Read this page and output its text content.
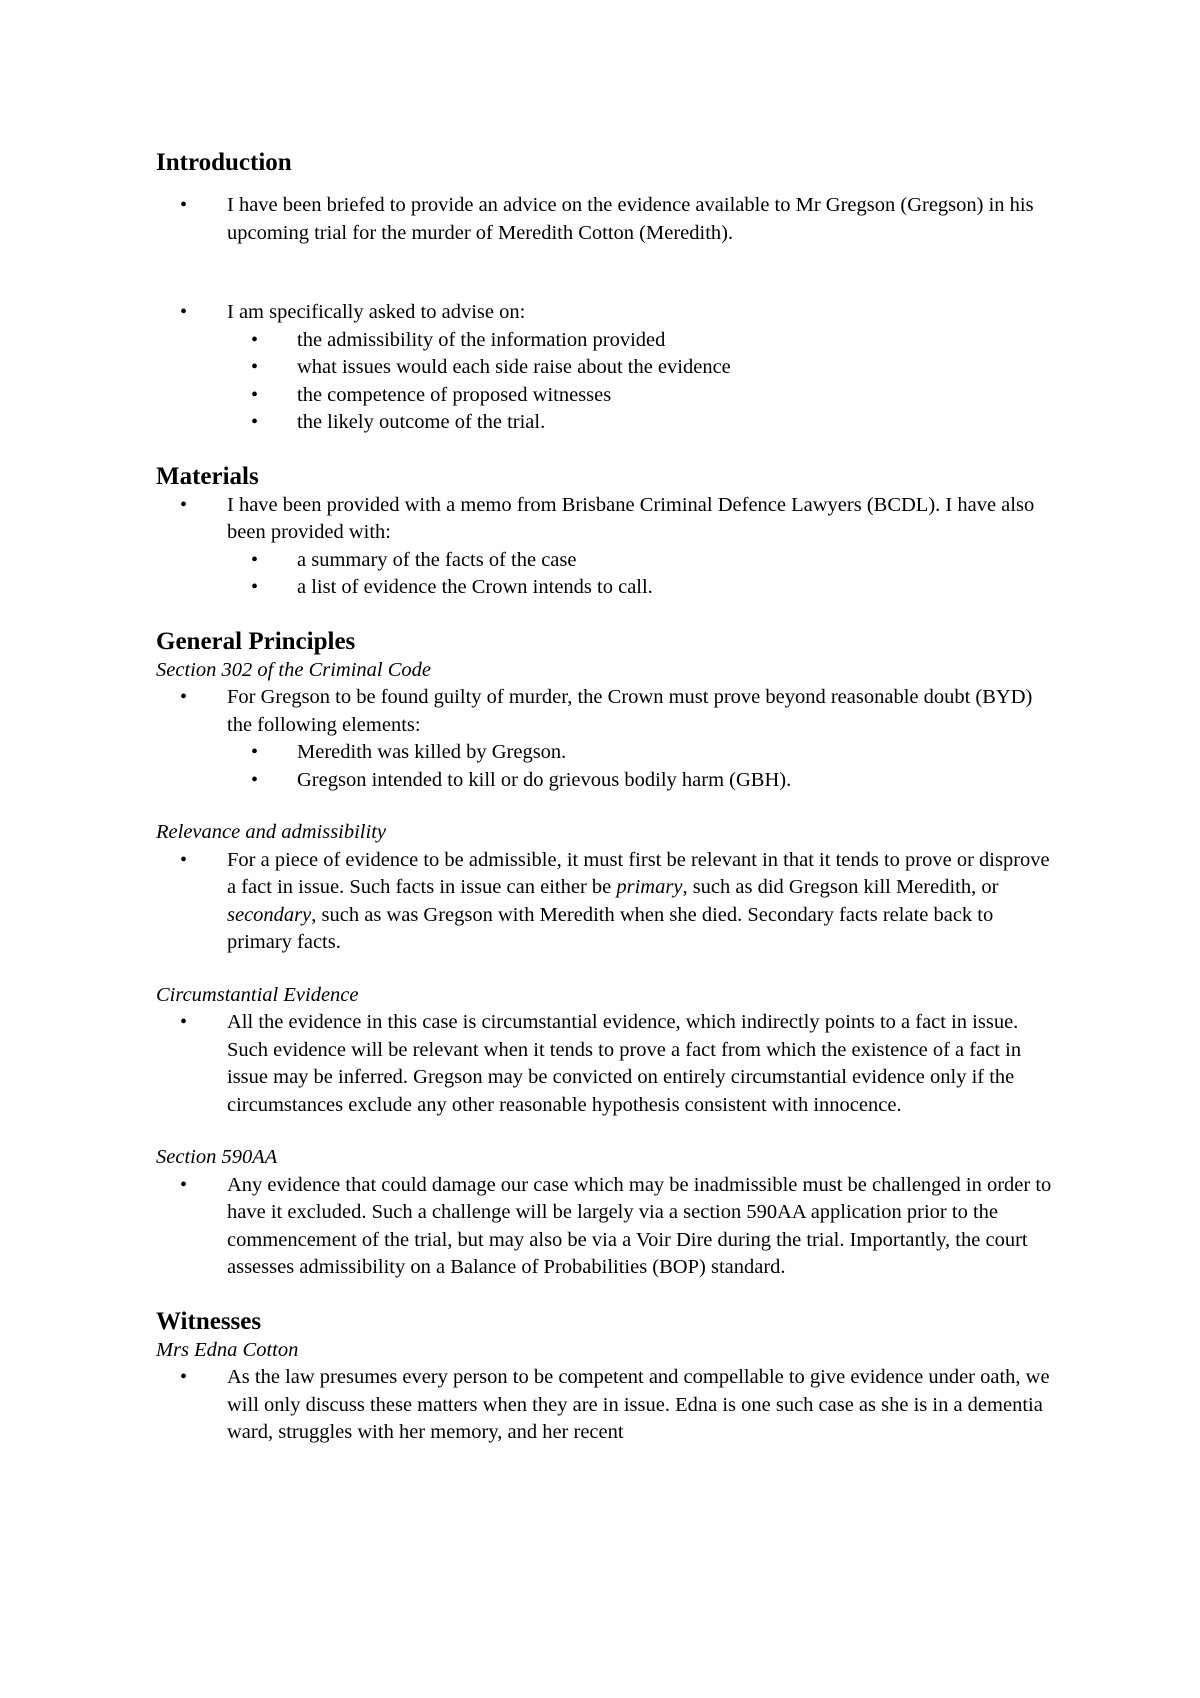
Introduction
• I have been briefed to provide an advice on the evidence available to Mr Gregson (Gregson) in his upcoming trial for the murder of Meredith Cotton (Meredith).
• I am specifically asked to advise on:
• the admissibility of the information provided
• what issues would each side raise about the evidence
• the competence of proposed witnesses
• the likely outcome of the trial.
Materials
• I have been provided with a memo from Brisbane Criminal Defence Lawyers (BCDL). I have also been provided with:
• a summary of the facts of the case
• a list of evidence the Crown intends to call.
General Principles

Section 302 of the Criminal Code

• For Gregson to be found guilty of murder, the Crown must prove beyond reasonable doubt (BYD) the following elements:
• Meredith was killed by Gregson.
• Gregson intended to kill or do grievous bodily harm (GBH).

Relevance and admissibility

• For a piece of evidence to be admissible, it must first be relevant in that it tends to prove or disprove a fact in issue. Such facts in issue can either be primary, such as did Gregson kill Meredith, or secondary, such as was Gregson with Meredith when she died. Secondary facts relate back to primary facts.

Circumstantial Evidence

• All the evidence in this case is circumstantial evidence, which indirectly points to a fact in issue. Such evidence will be relevant when it tends to prove a fact from which the existence of a fact in issue may be inferred. Gregson may be convicted on entirely circumstantial evidence only if the circumstances exclude any other reasonable hypothesis consistent with innocence.

Section 590AA

• Any evidence that could damage our case which may be inadmissible must be challenged in order to have it excluded. Such a challenge will be largely via a section 590AA application prior to the commencement of the trial, but may also be via a Voir Dire during the trial. Importantly, the court assesses admissibility on a Balance of Probabilities (BOP) standard.
Witnesses

Mrs Edna Cotton

• As the law presumes every person to be competent and compellable to give evidence under oath, we will only discuss these matters when they are in issue. Edna is one such case as she is in a dementia ward, struggles with her memory, and her recent
